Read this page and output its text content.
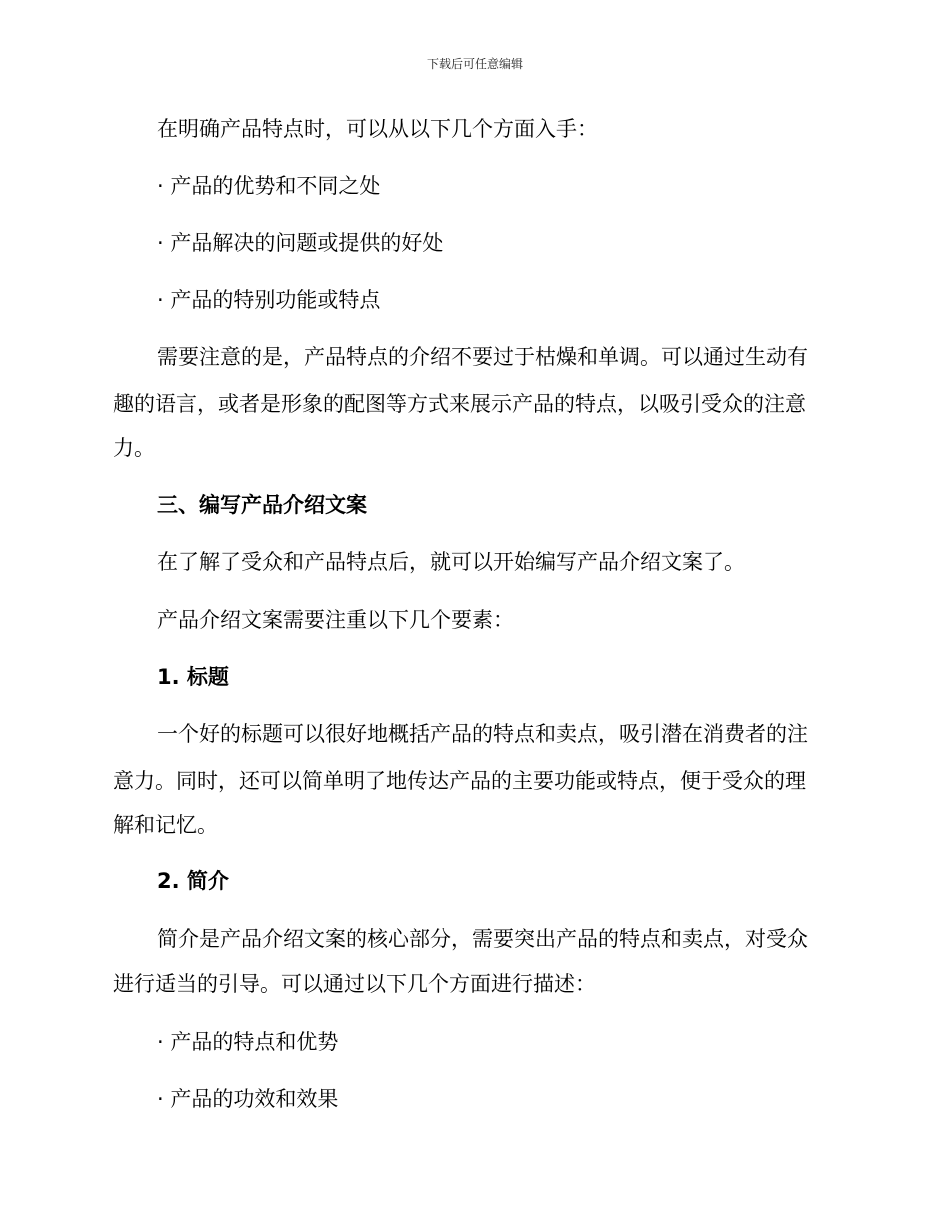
下载后可任意编辑
在明确产品特点时，可以从以下几个方面入手：
· 产品的优势和不同之处
· 产品解决的问题或提供的好处
· 产品的特别功能或特点
需要注意的是，产品特点的介绍不要过于枯燥和单调。可以通过生动有
趣的语言，或者是形象的配图等方式来展示产品的特点，以吸引受众的注意
力。
三、编写产品介绍文案
在了解了受众和产品特点后，就可以开始编写产品介绍文案了。
产品介绍文案需要注重以下几个要素：
1. 标题
一个好的标题可以很好地概括产品的特点和卖点，吸引潜在消费者的注
意力。同时，还可以简单明了地传达产品的主要功能或特点，便于受众的理
解和记忆。
2. 简介
简介是产品介绍文案的核心部分，需要突出产品的特点和卖点，对受众
进行适当的引导。可以通过以下几个方面进行描述：
· 产品的特点和优势
· 产品的功效和效果
